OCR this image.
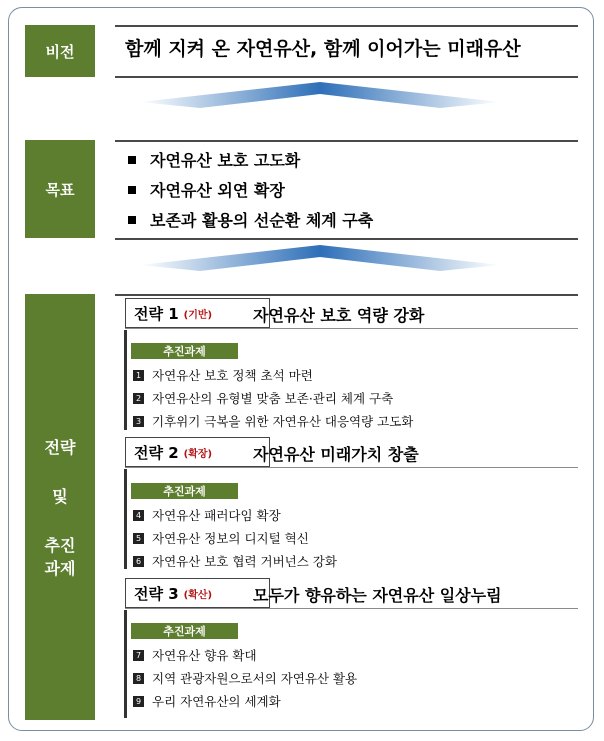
비전	함께 지켜 온 자연유산, 함께 이어가는 미래유산
목표
자연유산 보호 고도화
자연유산 외연 확장
보존과 활용의 선순환 체계 구축
전략
및
추진
과제
전략 1 (기반)	자연유산 보호 역량 강화
추진과제
1 자연유산 보호 정책 초석 마련
2 자연유산의 유형별 맞춤 보존·관리 체계 구축
3 기후위기 극복을 위한 자연유산 대응역량 고도화
전략 2 (확장)	자연유산 미래가치 창출
추진과제
4 자연유산 패러다임 확장
5 자연유산 정보의 디지털 혁신
6 자연유산 보호 협력 거버넌스 강화
전략 3 (확산)	모두가 향유하는 자연유산 일상누림
추진과제
7 자연유산 향유 확대
8 지역 관광자원으로서의 자연유산 활용
9 우리 자연유산의 세계화
